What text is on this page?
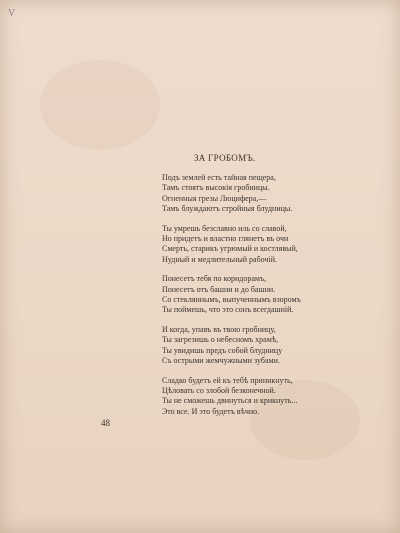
V
ЗА ГРОБОМЪ.
Подъ землей есть тайная пещера,
Тамъ стоятъ высокія гробницы.
Огненныя грезы Люцифера,—
Тамъ блуждаютъ стройныя блудницы.
Ты умрешь безславно иль со славой,
Но придетъ и властно глянетъ въ очи
Смерть, старикъ угрюмый и костлявый,
Нудный и медлительный рабочій.
Понесетъ тебя по коридорамъ,
Понесетъ отъ башни и до башни.
Со стекляннымъ, выпученнымъ взоромъ
Ты поймешь, что это сонъ всегдашній.
И когда, упавъ въ твою гробницу,
Ты загрезишь о небесномъ храмѣ,
Ты увидишь предъ собой блудницу
Съ острыми жемчужными зубами.
Сладко будетъ ей къ тебѣ приникнуть,
Цѣловать со злобой безконечной.
Ты не сможешь двинуться и крикнуть...
Это все. И это будетъ вѣчно.
48
